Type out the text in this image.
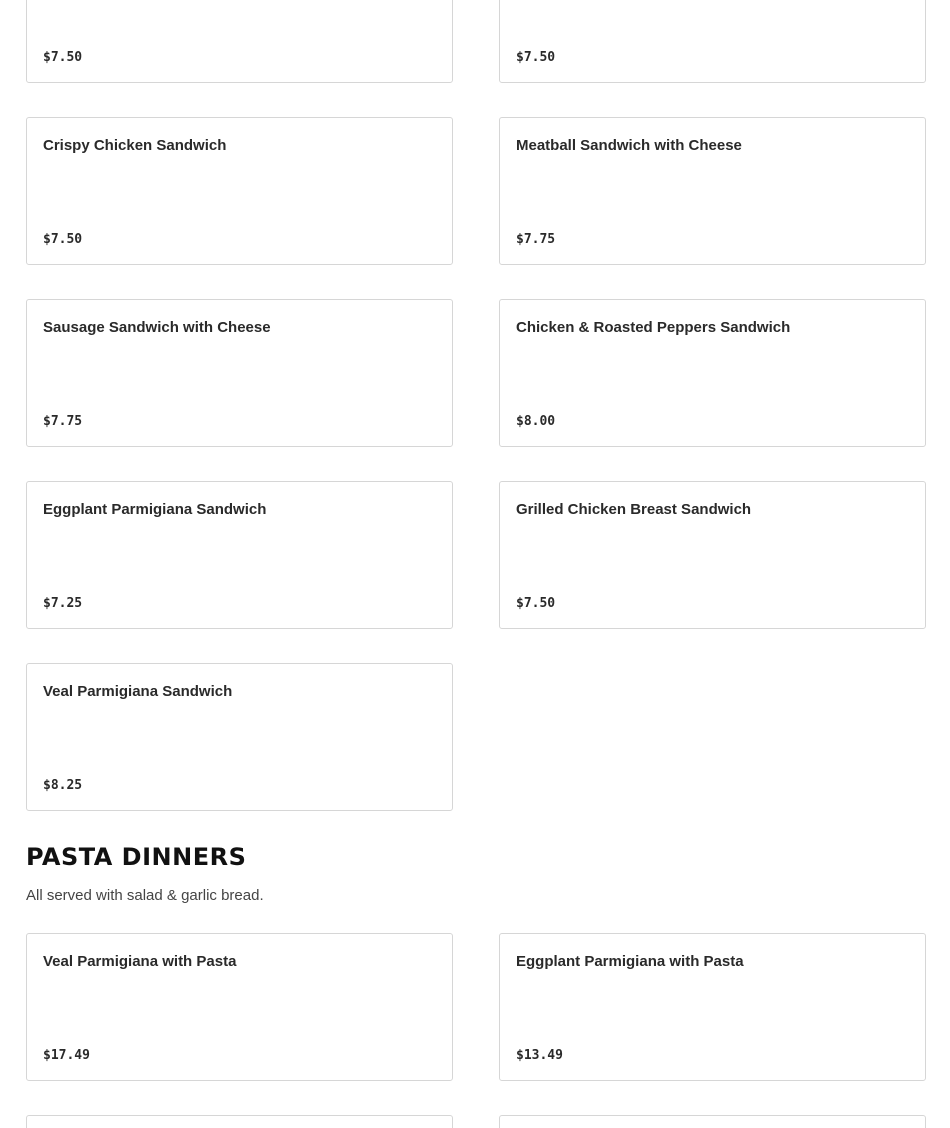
$7.50	$7.50
Crispy Chicken Sandwich
$7.50
Meatball Sandwich with Cheese
$7.75
Sausage Sandwich with Cheese
$7.75
Chicken & Roasted Peppers Sandwich
$8.00
Eggplant Parmigiana Sandwich
$7.25
Grilled Chicken Breast Sandwich
$7.50
Veal Parmigiana Sandwich
$8.25
PASTA DINNERS

All served with salad & garlic bread.

Veal Parmigiana with Pasta
$17.49
Eggplant Parmigiana with Pasta
$13.49
